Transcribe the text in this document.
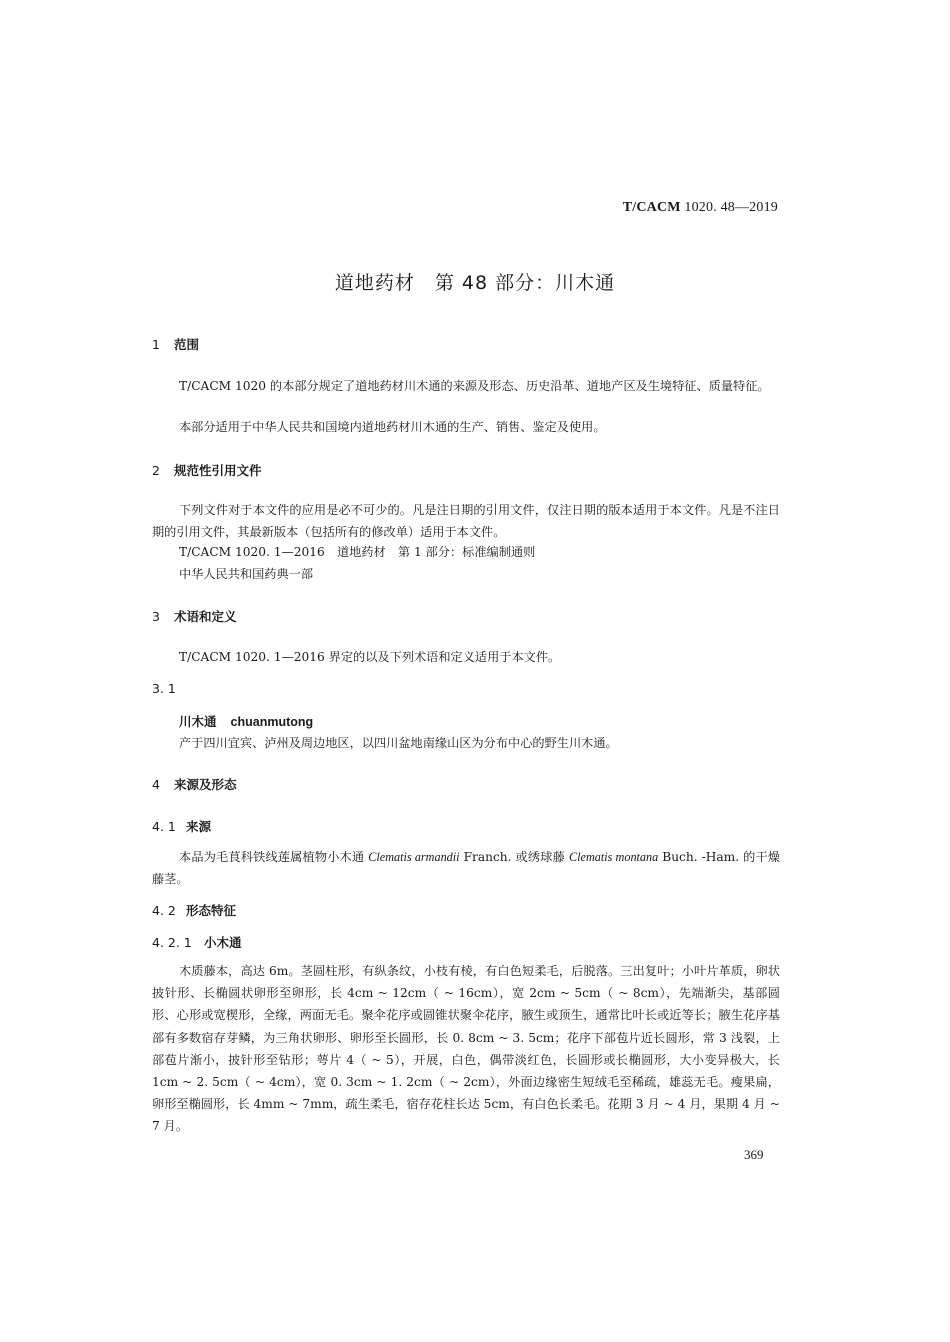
T/CACM 1020. 48—2019
道地药材　第 48 部分：川木通
1 范围

T/CACM 1020 的本部分规定了道地药材川木通的来源及形态、历史沿革、道地产区及生境特征、质量特征。

本部分适用于中华人民共和国境内道地药材川木通的生产、销售、鉴定及使用。

2 规范性引用文件

下列文件对于本文件的应用是必不可少的。凡是注日期的引用文件，仅注日期的版本适用于本文件。凡是不注日期的引用文件，其最新版本（包括所有的修改单）适用于本文件。

T/CACM 1020. 1—2016　道地药材　第 1 部分：标准编制通则

中华人民共和国药典一部

3 术语和定义

T/CACM 1020. 1—2016 界定的以及下列术语和定义适用于本文件。

3. 1
川木通 chuanmutong

产于四川宜宾、泸州及周边地区，以四川盆地南缘山区为分布中心的野生川木通。

4 来源及形态
4. 1 来源

本品为毛茛科铁线莲属植物小木通 Clematis armandii Franch. 或绣球藤 Clematis montana Buch. -Ham. 的干燥藤茎。

4. 2 形态特征
4. 2. 1 小木通

木质藤本，高达 6m。茎圆柱形，有纵条纹，小枝有棱，有白色短柔毛，后脱落。三出复叶；小叶片革质，卵状披针形、长椭圆状卵形至卵形，长 4cm ~ 12cm（ ~ 16cm），宽 2cm ~ 5cm（ ~ 8cm），先端渐尖，基部圆形、心形或宽楔形，全缘，两面无毛。聚伞花序或圆锥状聚伞花序，腋生或顶生，通常比叶长或近等长；腋生花序基部有多数宿存芽鳞，为三角状卵形、卵形至长圆形，长 0. 8cm ~ 3. 5cm；花序下部苞片近长圆形，常 3 浅裂，上部苞片渐小，披针形至钻形；萼片 4（ ~ 5），开展，白色，偶带淡红色，长圆形或长椭圆形，大小变异极大，长 1cm ~ 2. 5cm（ ~ 4cm），宽 0. 3cm ~ 1. 2cm（ ~ 2cm），外面边缘密生短绒毛至稀疏，雄蕊无毛。瘦果扁，卵形至椭圆形，长 4mm ~ 7mm，疏生柔毛，宿存花柱长达 5cm，有白色长柔毛。花期 3 月 ~ 4 月，果期 4 月 ~ 7 月。

369
